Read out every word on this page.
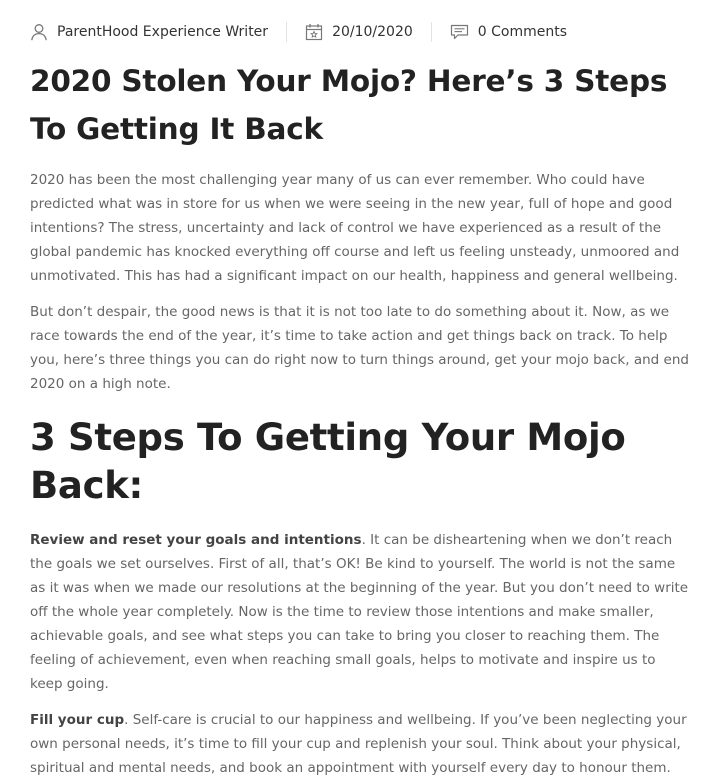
ParentHood Experience Writer	20/10/2020	0 Comments
2020 Stolen Your Mojo? Here’s 3 Steps To Getting It Back

2020 has been the most challenging year many of us can ever remember. Who could have predicted what was in store for us when we were seeing in the new year, full of hope and good intentions? The stress, uncertainty and lack of control we have experienced as a result of the global pandemic has knocked everything off course and left us feeling unsteady, unmoored and unmotivated. This has had a significant impact on our health, happiness and general wellbeing.

But don’t despair, the good news is that it is not too late to do something about it. Now, as we race towards the end of the year, it’s time to take action and get things back on track. To help you, here’s three things you can do right now to turn things around, get your mojo back, and end 2020 on a high note.

3 Steps To Getting Your Mojo Back:

Review and reset your goals and intentions. It can be disheartening when we don’t reach the goals we set ourselves. First of all, that’s OK! Be kind to yourself. The world is not the same as it was when we made our resolutions at the beginning of the year. But you don’t need to write off the whole year completely. Now is the time to review those intentions and make smaller, achievable goals, and see what steps you can take to bring you closer to reaching them. The feeling of achievement, even when reaching small goals, helps to motivate and inspire us to keep going.

Fill your cup. Self-care is crucial to our happiness and wellbeing. If you’ve been neglecting your own personal needs, it’s time to fill your cup and replenish your soul. Think about your physical, spiritual and mental needs, and book an appointment with yourself every day to honour them.
